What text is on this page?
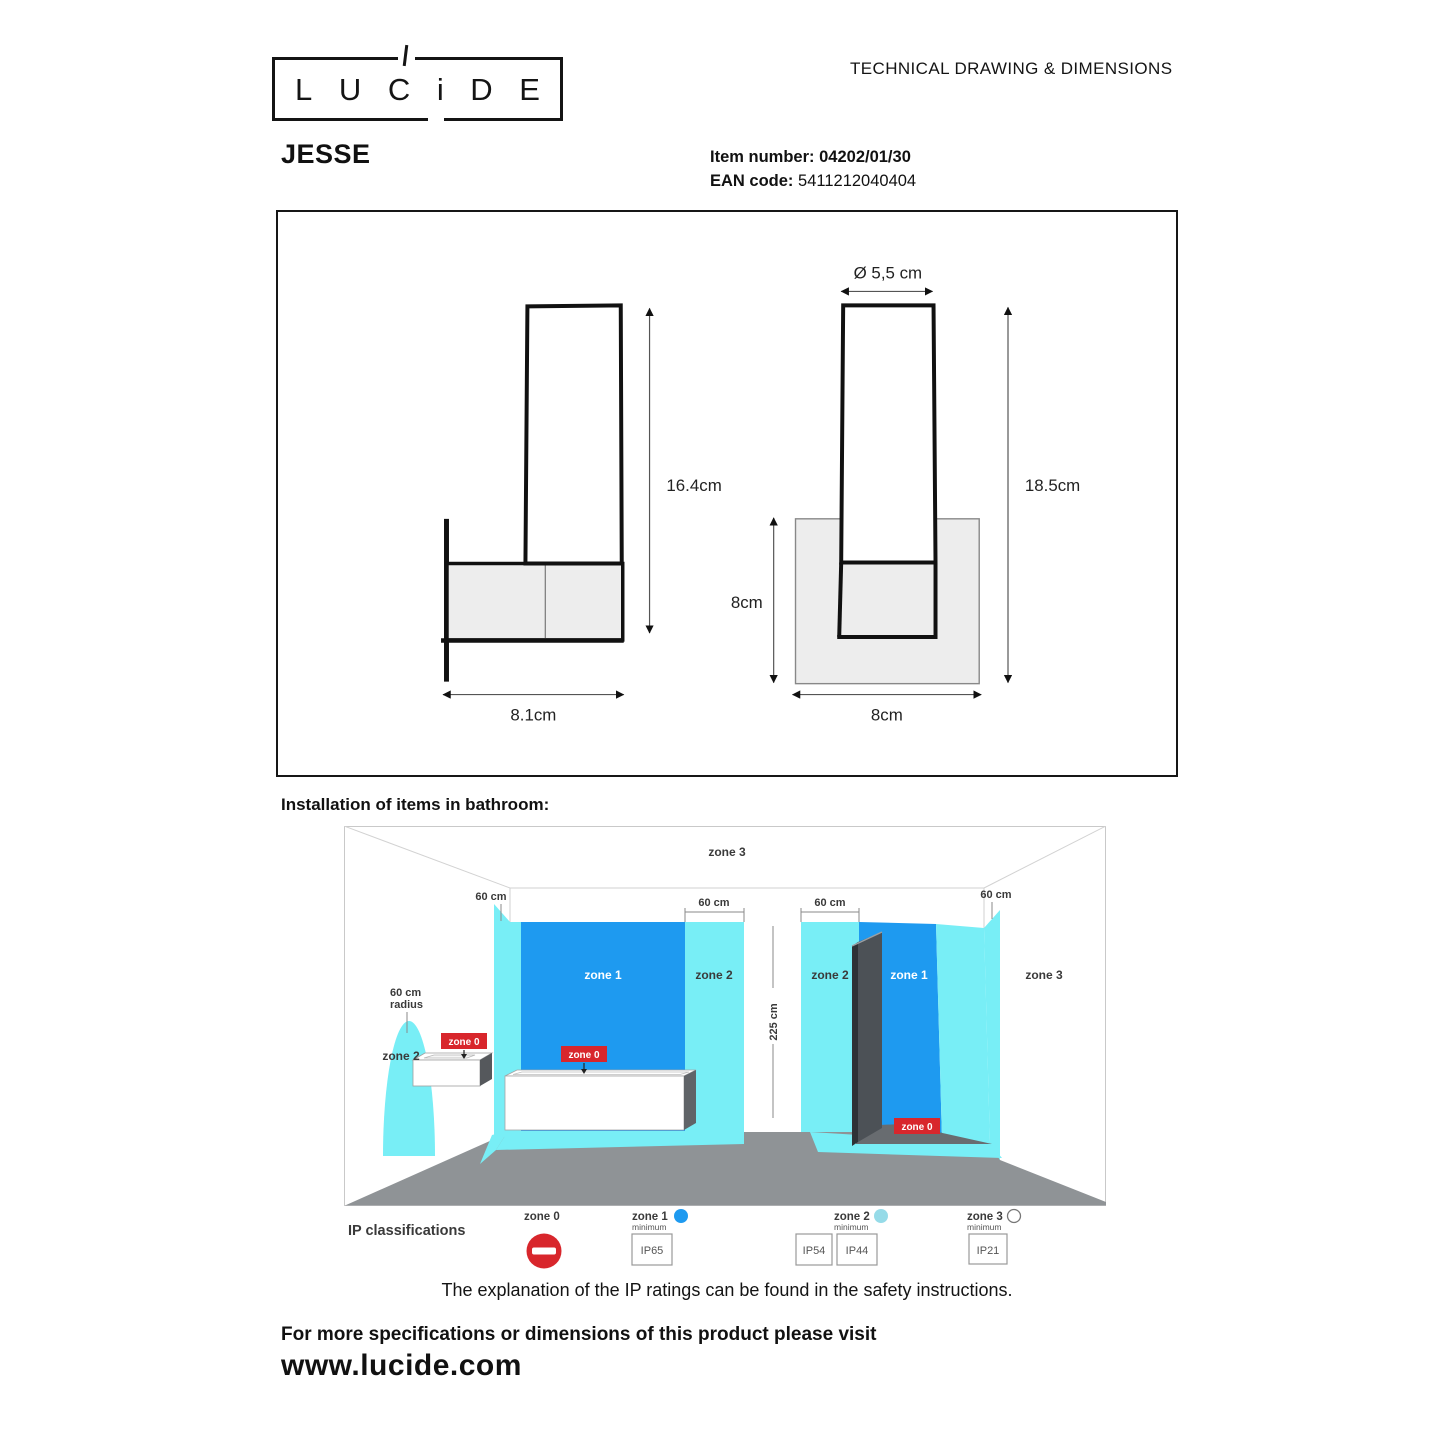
L U C i D E
TECHNICAL DRAWING & DIMENSIONS
JESSE	Item number: 04202/01/30
EAN code: 5411212040404
16.4cm
8.1cm
Ø 5,5 cm
18.5cm
8cm
8cm
Installation of items in bathroom:
zone 3
60 cm	60 cm	60 cm
60 cm
zone 1	zone 2	zone 2	zone 1	zone 3
225 cm
60 cm
radius
zone 2
zone 0
zone 0
zone 0
IP classifications
zone 0	zone 1
minimum
IP65
zone 2
minimum
IP54 IP44
zone 3
minimum
IP21
The explanation of the IP ratings can be found in the safety instructions.
For more specifications or dimensions of this product please visit
www.lucide.com
